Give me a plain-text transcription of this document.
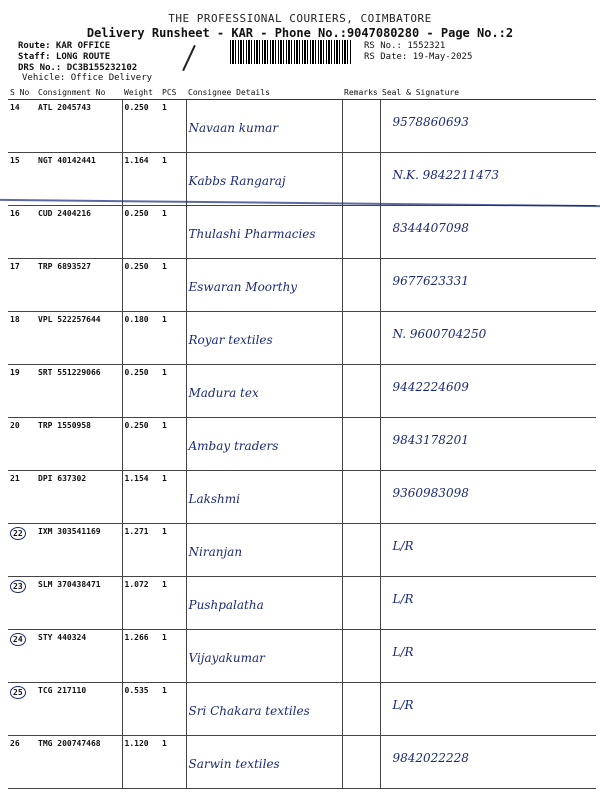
THE PROFESSIONAL COURIERS, COIMBATORE
Delivery Runsheet - KAR - Phone No.:9047080280 - Page No.:2
Route: KAR OFFICE
Staff: LONG ROUTE
DRS No.: DC3B155232102
Vehicle: Office Delivery
RS No.: 1552321
RS Date: 19-May-2025
S No	Consignment No	Weight	PCS	Consignee Details	Remarks	Seal & Signature
14	ATL 2045743	0.250	1	Navaan kumar		9578860693

15	NGT 40142441	1.164	1	Kabbs Rangaraj		N.K. 9842211473

16	CUD 2404216	0.250	1	Thulashi Pharmacies		8344407098

17	TRP 6893527	0.250	1	Eswaran Moorthy		9677623331

18	VPL 522257644	0.180	1	Royar textiles		N. 9600704250

19	SRT 551229066	0.250	1	Madura tex		9442224609

20	TRP 1550958	0.250	1	Ambay traders		9843178201

21	DPI 637302	1.154	1	Lakshmi		9360983098

22	IXM 303541169	1.271	1	Niranjan		L/R

23	SLM 370438471	1.072	1	Pushpalatha		L/R

24	STY 440324	1.266	1	Vijayakumar		L/R

25	TCG 217110	0.535	1	Sri Chakara textiles		L/R

26	TMG 200747468	1.120	1	Sarwin textiles		9842022228
